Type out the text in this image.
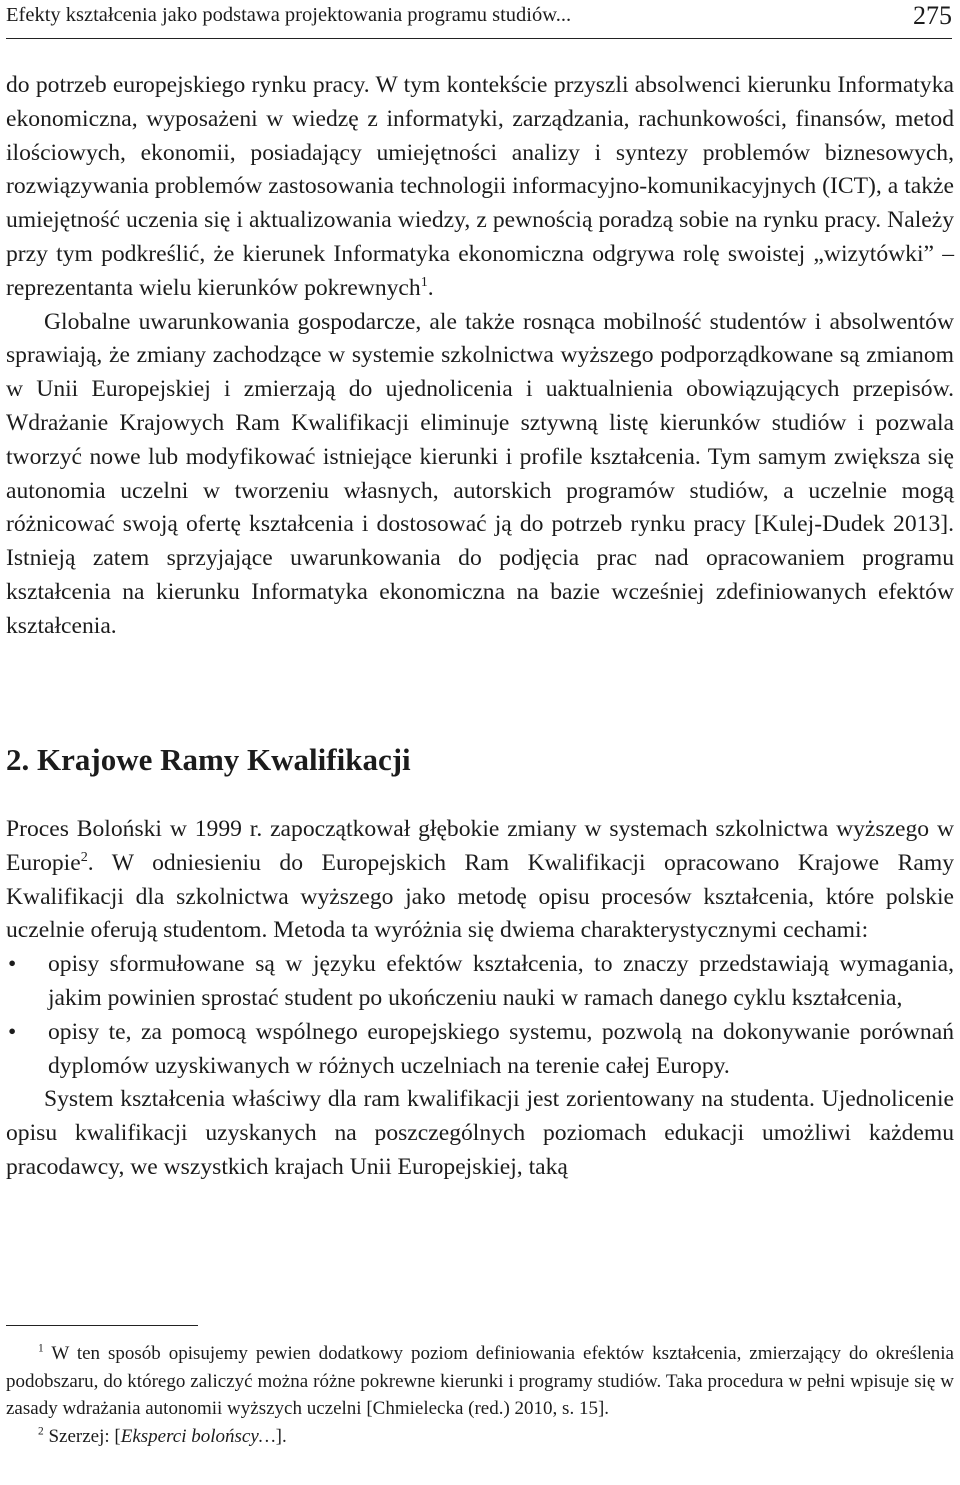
Efekty kształcenia jako podstawa projektowania programu studiów...	275

do potrzeb europejskiego rynku pracy. W tym kontekście przyszli absolwenci kierunku Informatyka ekonomiczna, wyposażeni w wiedzę z informatyki, zarządzania, rachunkowości, finansów, metod ilościowych, ekonomii, posiadający umiejętności analizy i syntezy problemów biznesowych, rozwiązywania problemów zastosowania technologii informacyjno-komunikacyjnych (ICT), a także umiejętność uczenia się i aktualizowania wiedzy, z pewnością poradzą sobie na rynku pracy. Należy przy tym podkreślić, że kierunek Informatyka ekonomiczna odgrywa rolę swoistej „wizytówki” – reprezentanta wielu kierunków pokrewnych$^1$.

Globalne uwarunkowania gospodarcze, ale także rosnąca mobilność studentów i absolwentów sprawiają, że zmiany zachodzące w systemie szkolnictwa wyższego podporządkowane są zmianom w Unii Europejskiej i zmierzają do ujednolicenia i uaktualnienia obowiązujących przepisów. Wdrażanie Krajowych Ram Kwalifikacji eliminuje sztywną listę kierunków studiów i pozwala tworzyć nowe lub modyfikować istniejące kierunki i profile kształcenia. Tym samym zwiększa się autonomia uczelni w tworzeniu własnych, autorskich programów studiów, a uczelnie mogą różnicować swoją ofertę kształcenia i dostosować ją do potrzeb rynku pracy [Kulej-Dudek 2013]. Istnieją zatem sprzyjające uwarunkowania do podjęcia prac nad opracowaniem programu kształcenia na kierunku Informatyka ekonomiczna na bazie wcześniej zdefiniowanych efektów kształcenia.

2. Krajowe Ramy Kwalifikacji

Proces Boloński w 1999 r. zapoczątkował głębokie zmiany w systemach szkolnictwa wyższego w Europie$^2$. W odniesieniu do Europejskich Ram Kwalifikacji opracowano Krajowe Ramy Kwalifikacji dla szkolnictwa wyższego jako metodę opisu procesów kształcenia, które polskie uczelnie oferują studentom. Metoda ta wyróżnia się dwiema charakterystycznymi cechami:

• opisy sformułowane są w języku efektów kształcenia, to znaczy przedstawiają wymagania, jakim powinien sprostać student po ukończeniu nauki w ramach danego cyklu kształcenia,
• opisy te, za pomocą wspólnego europejskiego systemu, pozwolą na dokonywanie porównań dyplomów uzyskiwanych w różnych uczelniach na terenie całej Europy.

System kształcenia właściwy dla ram kwalifikacji jest zorientowany na studenta. Ujednolicenie opisu kwalifikacji uzyskanych na poszczególnych poziomach edukacji umożliwi każdemu pracodawcy, we wszystkich krajach Unii Europejskiej, taką

$^1$ W ten sposób opisujemy pewien dodatkowy poziom definiowania efektów kształcenia, zmierzający do określenia podobszaru, do którego zaliczyć można różne pokrewne kierunki i programy studiów. Taka procedura w pełni wpisuje się w zasady wdrażania autonomii wyższych uczelni [Chmielecka (red.) 2010, s. 15].

$^2$ Szerzej: [Eksperci bolońscy…].
